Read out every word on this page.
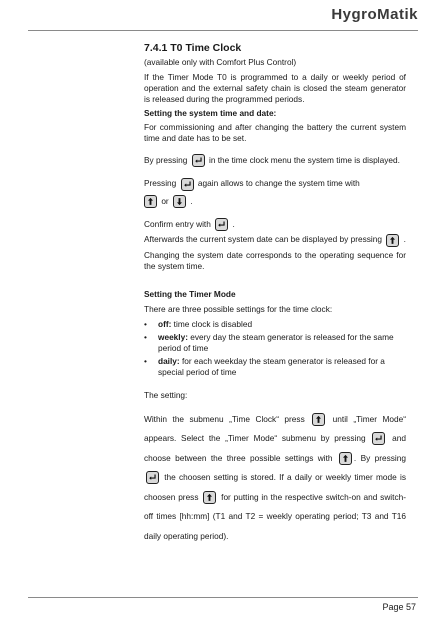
HygroMatik
7.4.1 T0 Time Clock

(available only with Comfort Plus Control)

If the Timer Mode T0 is programmed to a daily or weekly period of operation and the external safety chain is closed the steam generator is released during the programmed periods.

Setting the system time and date:

For commissioning and after changing the battery the current system time and date has to be set.

By pressing	in the time clock menu the system time is displayed.

Pressing	again allows to change the system time with

or	.

Confirm entry with	.

Afterwards the current system date can be displayed by pressing	.

Changing the system date corresponds to the operating sequence for the system time.

Setting the Timer Mode

There are three possible settings for the time clock:

• off: time clock is disabled
• weekly: every day the steam generator is released for the same period of time
• daily: for each weekday the steam generator is released for a special period of time

The setting:

Within the submenu „Time Clock“ press	until „Timer Mode“ appears. Select the „Timer Mode“ submenu by pressing	and choose between the three possible settings with	. By pressing
the choosen setting is stored. If a daily or weekly timer mode is choosen press	for putting in the respective switch-on and switch-off times [hh:mm] (T1 and T2 = weekly operating period; T3 and T16 daily operating period).

Page 57
